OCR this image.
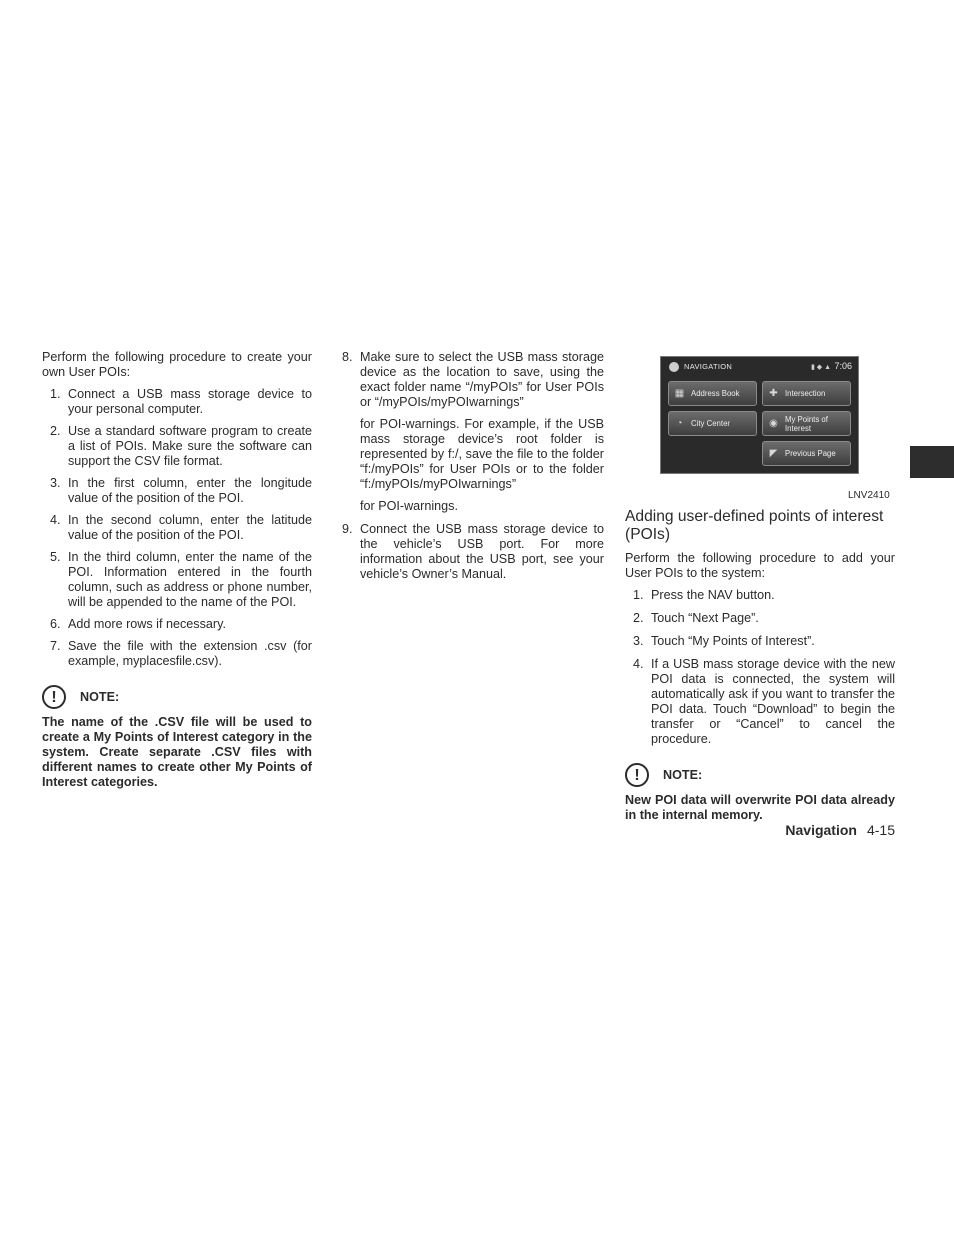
Perform the following procedure to create your own User POIs:

1. Connect a USB mass storage device to your personal computer.
2. Use a standard software program to create a list of POIs. Make sure the software can support the CSV file format.
3. In the first column, enter the longitude value of the position of the POI.
4. In the second column, enter the latitude value of the position of the POI.
5. In the third column, enter the name of the POI. Information entered in the fourth column, such as address or phone number, will be appended to the name of the POI.
6. Add more rows if necessary.
7. Save the file with the extension .csv (for example, myplacesfile.csv).
!	NOTE:

The name of the .CSV file will be used to create a My Points of Interest category in the system. Create separate .CSV files with different names to create other My Points of Interest categories.

8. Make sure to select the USB mass storage device as the location to save, using the exact folder name “/myPOIs” for User POIs or “/myPOIs/myPOIwarnings”

for POI-warnings. For example, if the USB mass storage device’s root folder is represented by f:/, save the file to the folder “f:/myPOIs” for User POIs or to the folder “f:/myPOIs/myPOIwarnings”

for POI-warnings.

9. Connect the USB mass storage device to the vehicle’s USB port. For more information about the USB port, see your vehicle’s Owner’s Manual.

NAVIGATION	▮ ◆ ▲ 7:06
▦ Address Book	✚ Intersection
◔	City Center	◉ My Points of
Interest
◤ Previous Page
LNV2410
Adding user-defined points of interest (POIs)

Perform the following procedure to add your User POIs to the system:

1. Press the NAV button.
2. Touch “Next Page”.
3. Touch “My Points of Interest”.
4. If a USB mass storage device with the new POI data is connected, the system will automatically ask if you want to transfer the POI data. Touch “Download” to begin the transfer or “Cancel” to cancel the procedure.
!	NOTE:

New POI data will overwrite POI data already in the internal memory.

Navigation 4-15
